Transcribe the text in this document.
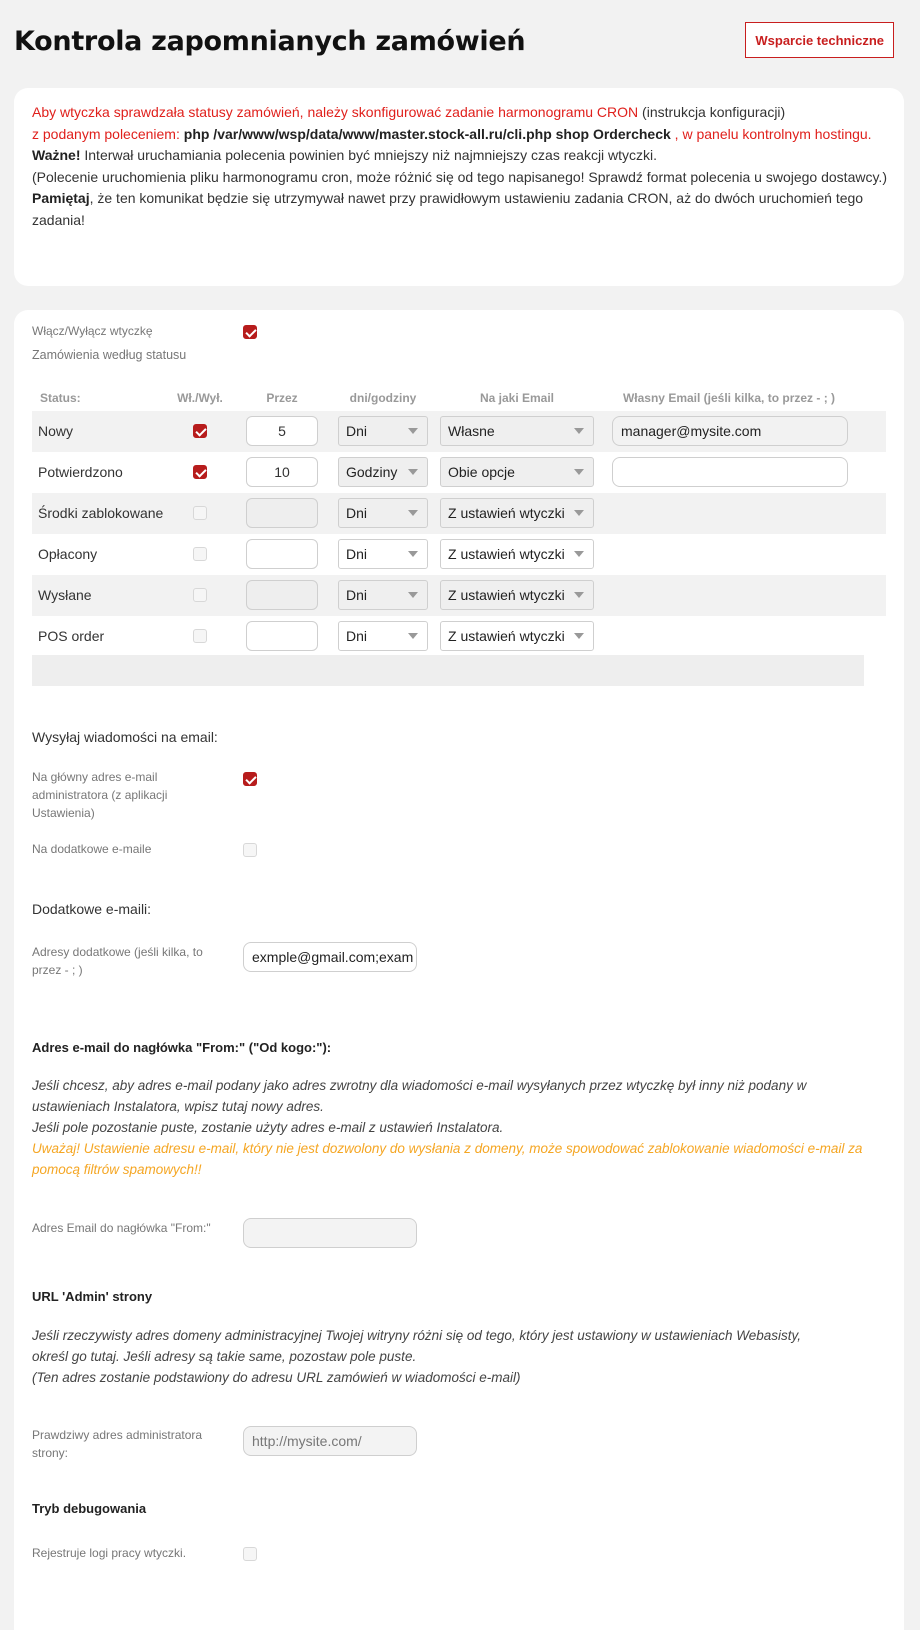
Kontrola zapomnianych zamówień	Wsparcie techniczne
Aby wtyczka sprawdzała statusy zamówień, należy skonfigurować zadanie harmonogramu CRON (instrukcja konfiguracji)
z podanym poleceniem: php /var/www/wsp/data/www/master.stock-all.ru/cli.php shop Ordercheck , w panelu kontrolnym hostingu.
Ważne! Interwał uruchamiania polecenia powinien być mniejszy niż najmniejszy czas reakcji wtyczki.
(Polecenie uruchomienia pliku harmonogramu cron, może różnić się od tego napisanego! Sprawdź format polecenia u swojego dostawcy.)
Pamiętaj, że ten komunikat będzie się utrzymywał nawet przy prawidłowym ustawieniu zadania CRON, aż do dwóch uruchomień tego zadania!
Włącz/Wyłącz wtyczkę
Zamówienia według statusu
Status:	Wł./Wył.	Przez	dni/godziny	Na jaki Email	Własny Email (jeśli kilka, to przez - ; )
Nowy	5	Dni	Własne	manager@mysite.com
Potwierdzono	10	Godziny	Obie opcje
Środki zablokowane	Dni	Z ustawień wtyczki
Opłacony	Dni	Z ustawień wtyczki
Wysłane	Dni	Z ustawień wtyczki
POS order	Dni	Z ustawień wtyczki
Wysyłaj wiadomości na email:
Na główny adres e-mail administratora (z aplikacji Ustawienia)
Na dodatkowe e-maile
Dodatkowe e-maili:
Adresy dodatkowe (jeśli kilka, to przez - ; )
exmple@gmail.com;exam
Adres e-mail do nagłówka "From:" ("Od kogo:"):
Jeśli chcesz, aby adres e-mail podany jako adres zwrotny dla wiadomości e-mail wysyłanych przez wtyczkę był inny niż podany w ustawieniach Instalatora, wpisz tutaj nowy adres.
Jeśli pole pozostanie puste, zostanie użyty adres e-mail z ustawień Instalatora.
Uważaj! Ustawienie adresu e-mail, który nie jest dozwolony do wysłania z domeny, może spowodować zablokowanie wiadomości e-mail za pomocą filtrów spamowych!!
Adres Email do nagłówka "From:"
URL 'Admin' strony
Jeśli rzeczywisty adres domeny administracyjnej Twojej witryny różni się od tego, który jest ustawiony w ustawieniach Webasisty,
określ go tutaj. Jeśli adresy są takie same, pozostaw pole puste.
(Ten adres zostanie podstawiony do adresu URL zamówień w wiadomości e-mail)
Prawdziwy adres administratora strony:
http://mysite.com/
Tryb debugowania
Rejestruje logi pracy wtyczki.
